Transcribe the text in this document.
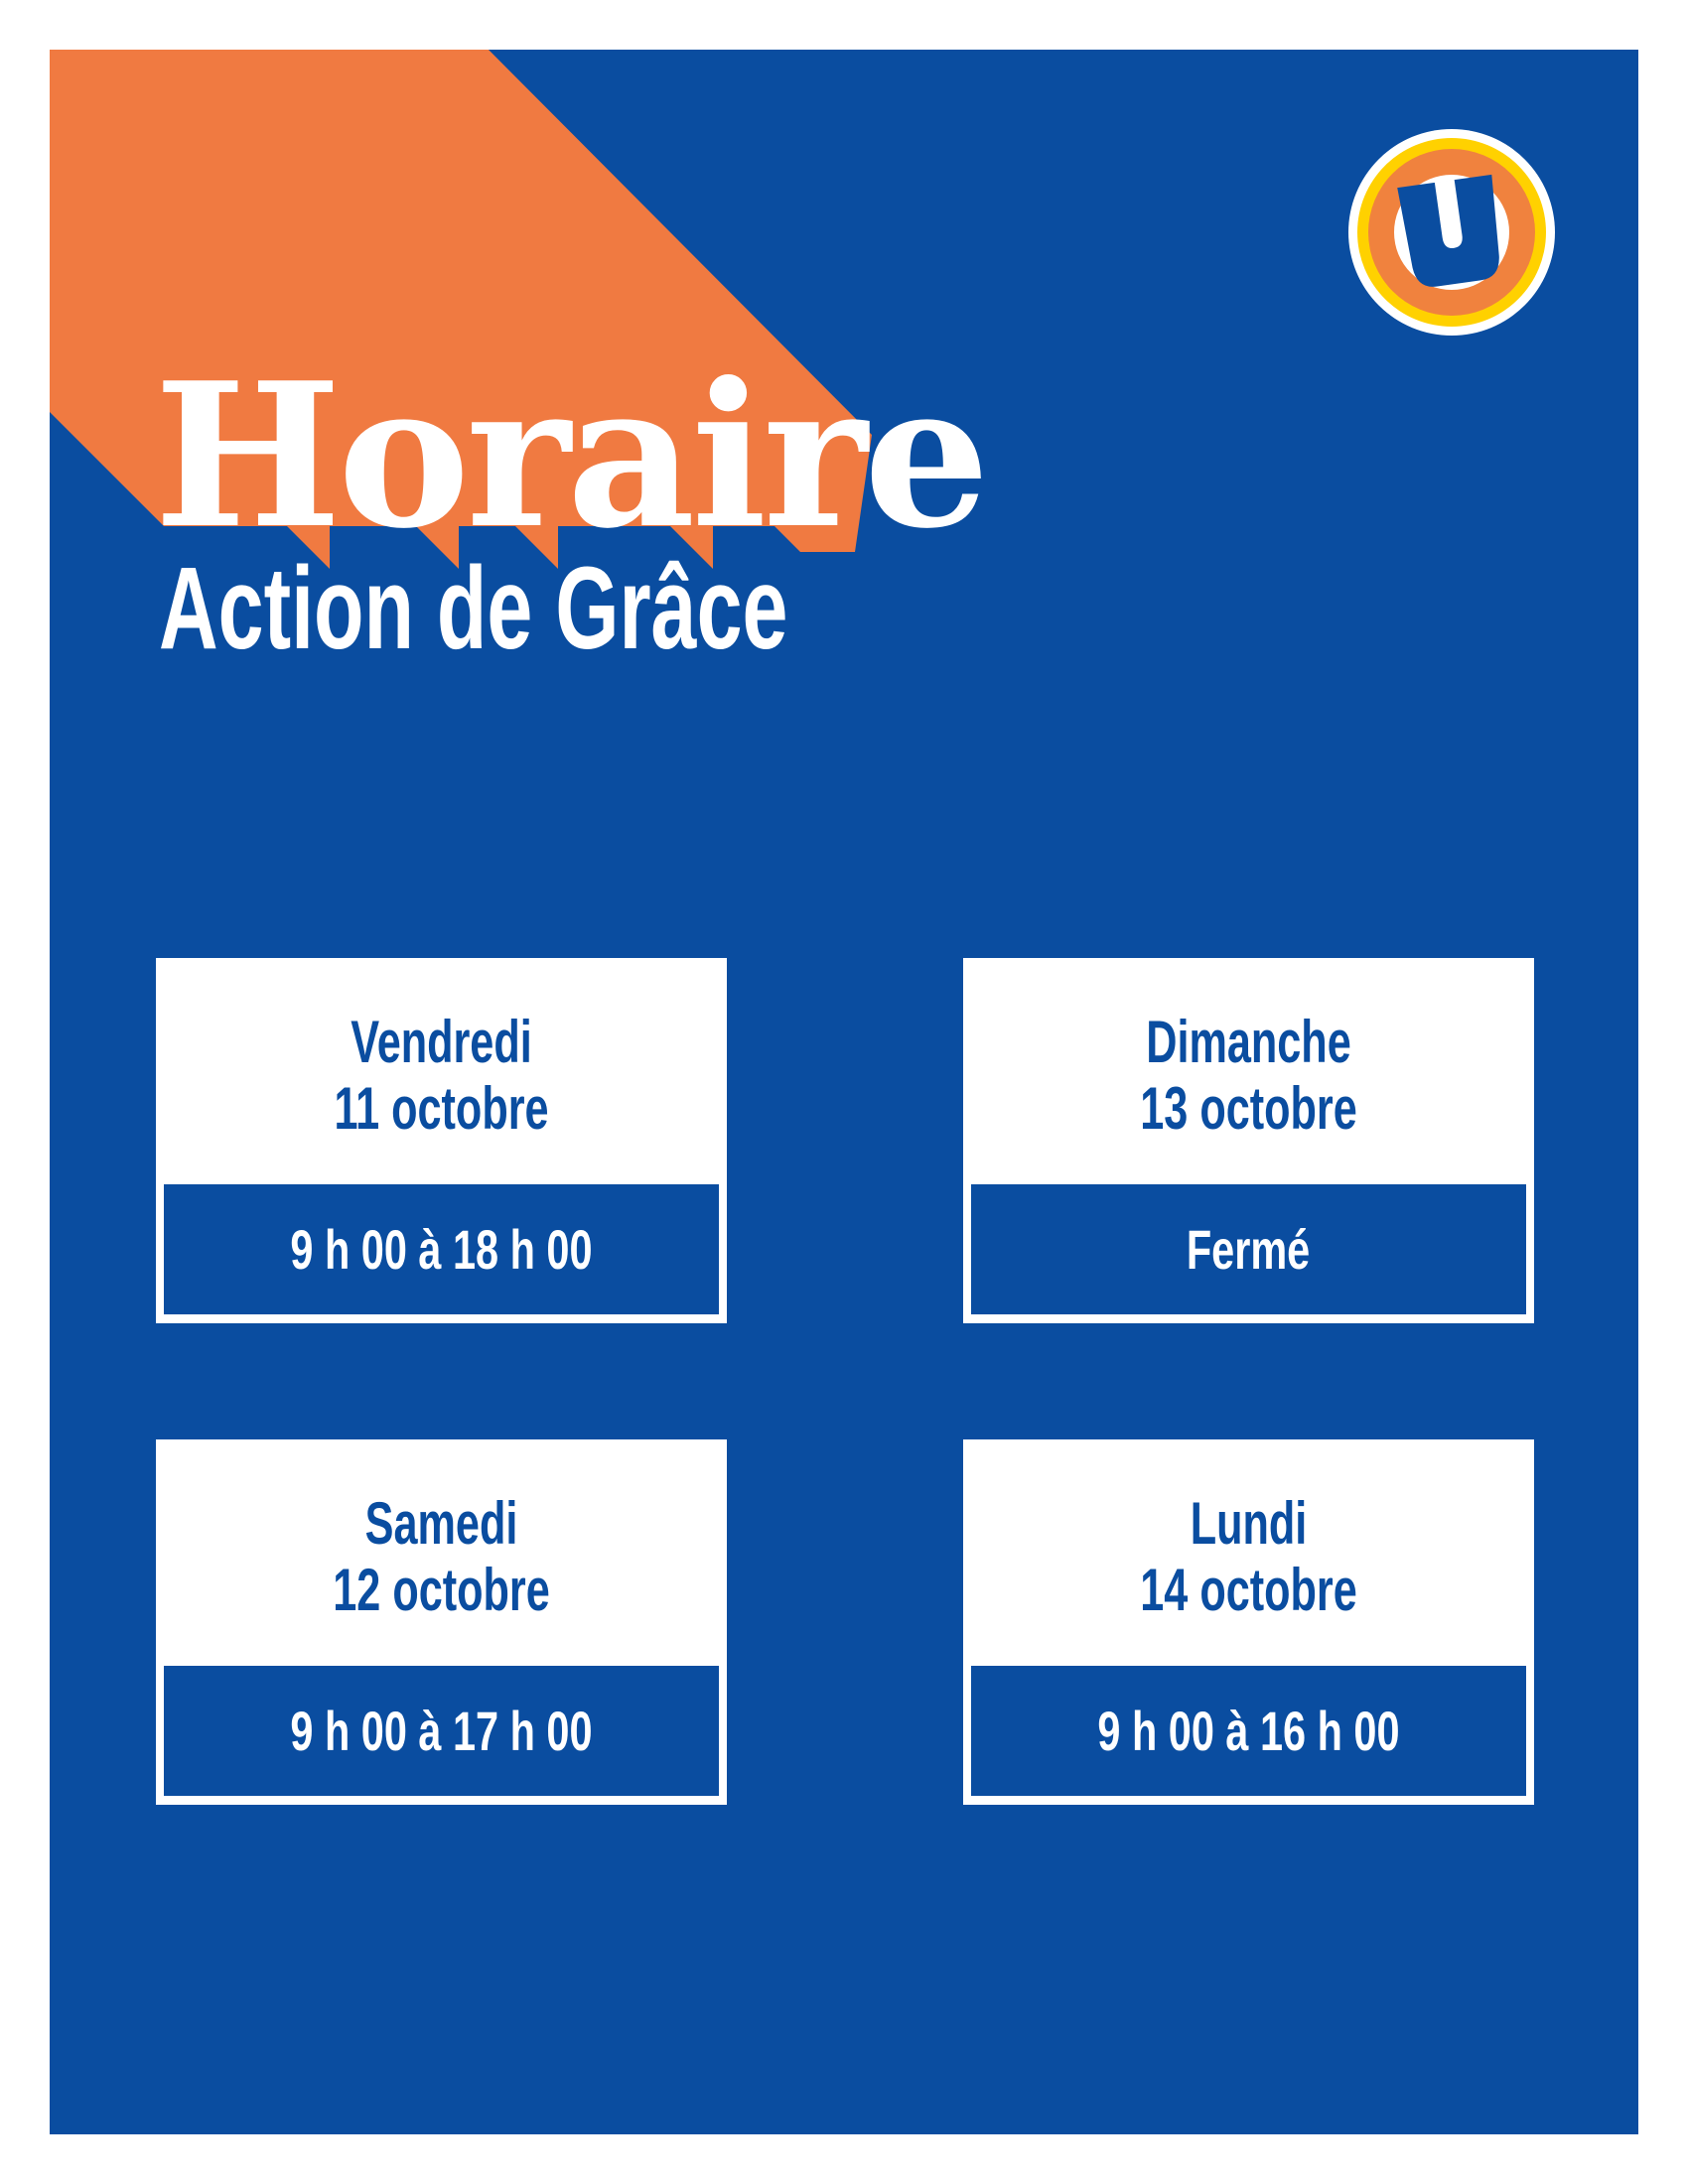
Horaire
Action de Grâce
Vendredi
11 octobre
9 h 00 à 18 h 00
Dimanche
13 octobre
Fermé
Samedi
12 octobre
9 h 00 à 17 h 00
Lundi
14 octobre
9 h 00 à 16 h 00
